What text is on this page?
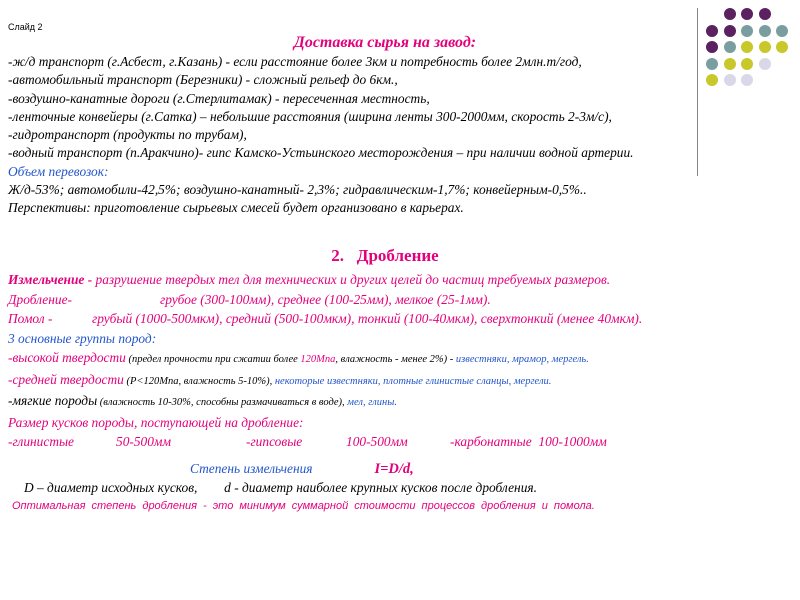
Слайд 2
Доставка сырья на завод:
-ж/д транспорт (г.Асбест, г.Казань) - если расстояние более 3км и потребность более 2млн.т/год,
-автомобильный транспорт (Березники) - сложный рельеф до 6км.,
-воздушно-канатные дороги (г.Стерлитамак) - пересеченная местность,
-ленточные конвейеры (г.Сатка) – небольшие расстояния (ширина ленты 300-2000мм, скорость 2-3м/с),
-гидротранспорт (продукты по трубам),
-водный транспорт (п.Аракчино)- гипс Камско-Устьинского месторождения – при наличии водной артерии.
Объем перевозок:
Ж/д-53%; автомобили-42,5%; воздушно-канатный- 2,3%; гидравлическим-1,7%; конвейерным-0,5%..
Перспективы: приготовление сырьевых смесей будет организовано в карьерах.
2. Дробление
Измельчение - разрушение твердых тел для технических и других целей до частиц требуемых размеров.
Дробление-	грубое (300-100мм), среднее (100-25мм), мелкое (25-1мм).
Помол -	грубый (1000-500мкм), средний (500-100мкм), тонкий (100-40мкм), сверхтонкий (менее 40мкм).
3 основные группы пород:
-высокой твердости (предел прочности при сжатии более 120Мпа, влажность - менее 2%) - известняки, мрамор, мергель.
-средней твердости (Р<120Мпа, влажность 5-10%), некоторые известняки, плотные глинистые сланцы, мергели.
-мягкие породы (влажность 10-30%, способны размачиваться в воде), мел, глины.
Размер кусков породы, поступающей на дробление:
-глинистые	50-500мм	-гипсовые	100-500мм	-карбонатные 100-1000мм
Степень измельчения	I=D/d,
D – диаметр исходных кусков,        d - диаметр наиболее крупных кусков после дробления.
Оптимальная степень дробления - это минимум суммарной стоимости процессов дробления и помола.
